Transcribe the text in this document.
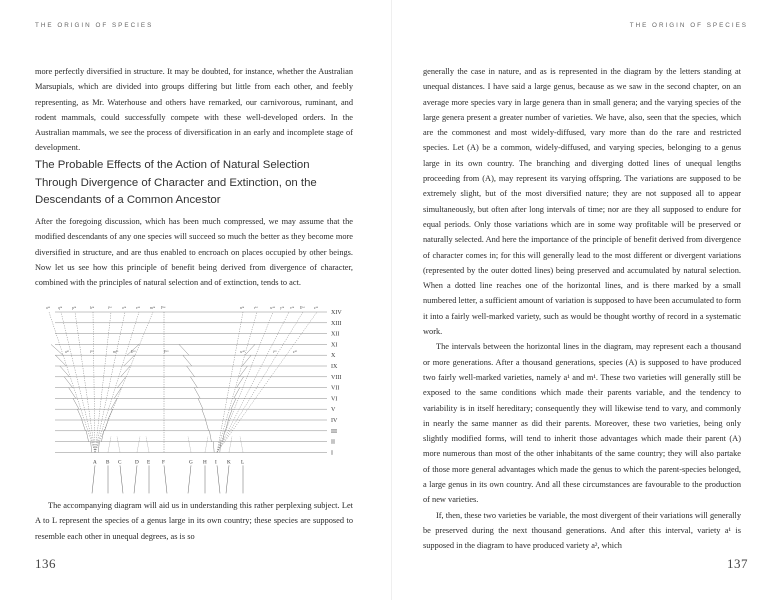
THE ORIGIN OF SPECIES

more perfectly diversified in structure. It may be doubted, for instance, whether the Australian Marsupials, which are divided into groups differing but little from each other, and feebly representing, as Mr. Waterhouse and others have remarked, our carnivorous, ruminant, and rodent mammals, could successfully compete with these well-developed orders. In the Australian mammals, we see the process of diversification in an early and incomplete stage of development.

The Probable Effects of the Action of Natural Selection Through Divergence of Character and Extinction, on the Descendants of a Common Ancestor

After the foregoing discussion, which has been much compressed, we may assume that the modified descendants of any one species will succeed so much the better as they become more diversified in structure, and are thus enabled to encroach on places occupied by other beings. Now let us see how this principle of benefit being derived from divergence of character, combined with the principles of natural selection and of extinction, tends to act.

XIV
XIII
XII
XI
X
IX
VIII
VII
VI
V
IV
III
II
I
A B C	D E F	G H I K L
a¹⁴ q¹⁴	p¹⁴	b¹⁴	f¹⁴	o¹⁴	e¹⁴	m¹⁴ F¹⁴	n¹⁴	r¹⁴	w¹⁴ y¹⁴ v¹⁴ E¹⁴	z¹⁴
a¹⁰	f¹⁰	m¹⁰	E¹⁰	F¹⁰	w¹⁰	i¹⁰	z¹⁰

The accompanying diagram will aid us in understanding this rather perplexing subject. Let A to L represent the species of a genus large in its own country; these species are supposed to resemble each other in unequal degrees, as is so

136
THE ORIGIN OF SPECIES

generally the case in nature, and as is represented in the diagram by the letters standing at unequal distances. I have said a large genus, because as we saw in the second chapter, on an average more species vary in large genera than in small genera; and the varying species of the large genera present a greater number of varieties. We have, also, seen that the species, which are the commonest and most widely-diffused, vary more than do the rare and restricted species. Let (A) be a common, widely-diffused, and varying species, belonging to a genus large in its own country. The branching and diverging dotted lines of unequal lengths proceeding from (A), may represent its varying offspring. The variations are supposed to be extremely slight, but of the most diversified nature; they are not supposed all to appear simultaneously, but often after long intervals of time; nor are they all supposed to endure for equal periods. Only those variations which are in some way profitable will be preserved or naturally selected. And here the importance of the principle of benefit derived from divergence of character comes in; for this will generally lead to the most different or divergent variations (represented by the outer dotted lines) being preserved and accumulated by natural selection. When a dotted line reaches one of the horizontal lines, and is there marked by a small numbered letter, a sufficient amount of variation is supposed to have been accumulated to form it into a fairly well-marked variety, such as would be thought worthy of record in a systematic work.

The intervals between the horizontal lines in the diagram, may represent each a thousand or more generations. After a thousand generations, species (A) is supposed to have produced two fairly well-marked varieties, namely a¹ and m¹. These two varieties will generally still be exposed to the same conditions which made their parents variable, and the tendency to variability is in itself hereditary; consequently they will likewise tend to vary, and commonly in nearly the same manner as did their parents. Moreover, these two varieties, being only slightly modified forms, will tend to inherit those advantages which made their parent (A) more numerous than most of the other inhabitants of the same country; they will also partake of those more general advantages which made the genus to which the parent-species belonged, a large genus in its own country. And all these circumstances are favourable to the production of new varieties.

If, then, these two varieties be variable, the most divergent of their variations will generally be preserved during the next thousand generations. And after this interval, variety a¹ is supposed in the diagram to have produced variety a², which

137
